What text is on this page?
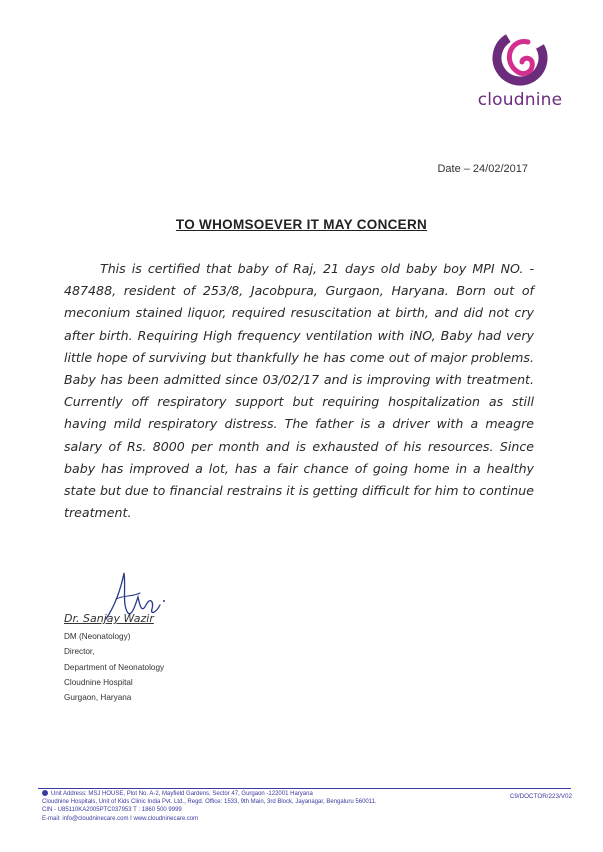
cloudnine
Date – 24/02/2017
TO WHOMSOEVER IT MAY CONCERN

This is certified that baby of Raj, 21 days old baby boy MPI NO. - 487488, resident of 253/8, Jacobpura, Gurgaon, Haryana. Born out of meconium stained liquor, required resuscitation at birth, and did not cry after birth. Requiring High frequency ventilation with iNO, Baby had very little hope of surviving but thankfully he has come out of major problems. Baby has been admitted since 03/02/17 and is improving with treatment. Currently off respiratory support but requiring hospitalization as still having mild respiratory distress. The father is a driver with a meagre salary of Rs. 8000 per month and is exhausted of his resources. Since baby has improved a lot, has a fair chance of going home in a healthy state but due to financial restrains it is getting difficult for him to continue treatment.

Dr. Sanjay Wazir
DM (Neonatology)
Director,
Department of Neonatology
Cloudnine Hospital
Gurgaon, Haryana
Unit Address: MSJ HOUSE, Plot No. A-2, Mayfield Gardens, Sector 47, Gurgaon -122001 Haryana
Cloudnine Hospitals, Unit of Kids Clinic India Pvt. Ltd., Regd. Office: 1533, 9th Main, 3rd Block, Jayanagar, Bengaluru 560011.
CIN - U85110KA2005PTC037953 T : 1860 500 9999
E-mail: info@cloudninecare.com I www.cloudninecare.com
C9/DOCTOR/223/V02
